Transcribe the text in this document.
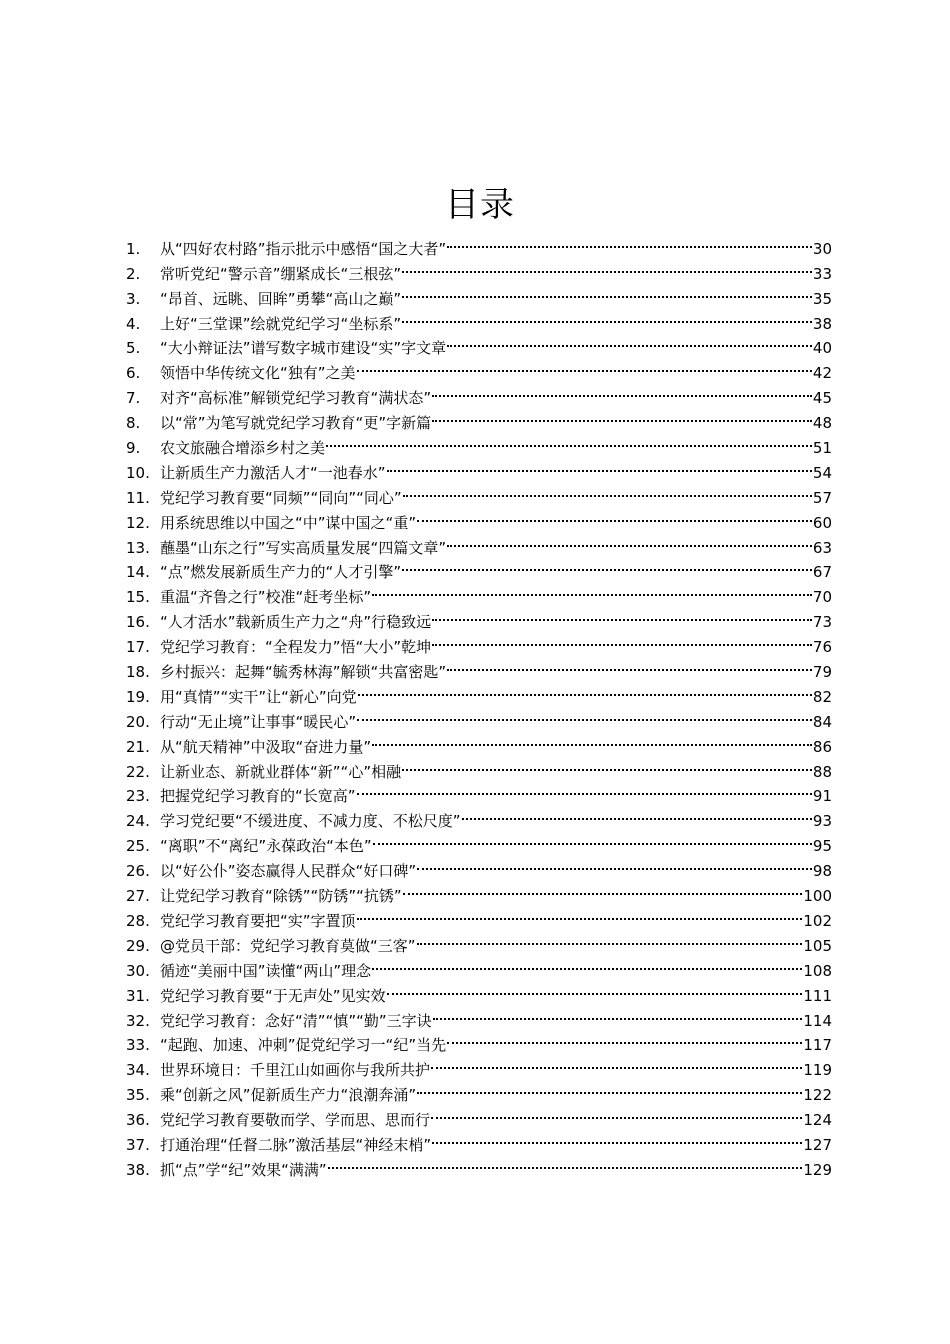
目录
1.	从“四好农村路”指示批示中感悟“国之大者”	30
2.	常听党纪“警示音”绷紧成长“三根弦”	33
3.	“昂首、远眺、回眸”勇攀“高山之巅”	35
4.	上好“三堂课”绘就党纪学习“坐标系”	38
5.	“大小辩证法”谱写数字城市建设“实”字文章	40
6.	领悟中华传统文化“独有”之美	42
7.	对齐“高标准”解锁党纪学习教育“满状态”	45
8.	以“常”为笔写就党纪学习教育“更”字新篇	48
9.	农文旅融合增添乡村之美	51
10. 让新质生产力激活人才“一池春水”	54
11. 党纪学习教育要“同频”“同向”“同心”	57
12. 用系统思维以中国之“中”谋中国之“重”	60
13. 蘸墨“山东之行”写实高质量发展“四篇文章”	63
14. “点”燃发展新质生产力的“人才引擎”	67
15. 重温“齐鲁之行”校准“赶考坐标”	70
16. “人才活水”载新质生产力之“舟”行稳致远	73
17. 党纪学习教育：“全程发力”悟“大小”乾坤	76
18. 乡村振兴：起舞“毓秀林海”解锁“共富密匙”	79
19. 用“真情”“实干”让“新心”向党	82
20. 行动“无止境”让事事“暖民心”	84
21. 从“航天精神”中汲取“奋进力量”	86
22. 让新业态、新就业群体“新”“心”相融	88
23. 把握党纪学习教育的“长宽高”	91
24. 学习党纪要“不缓进度、不减力度、不松尺度”	93
25. “离职”不“离纪”永葆政治“本色”	95
26. 以“好公仆”姿态赢得人民群众“好口碑”	98
27. 让党纪学习教育“除锈”“防锈”“抗锈”	100
28. 党纪学习教育要把“实”字置顶	102
29. @党员干部：党纪学习教育莫做“三客”	105
30. 循迹“美丽中国”读懂“两山”理念	108
31. 党纪学习教育要“于无声处”见实效	111
32. 党纪学习教育：念好“清”“慎”“勤”三字诀	114
33. “起跑、加速、冲刺”促党纪学习一“纪”当先	117
34. 世界环境日：千里江山如画你与我所共护	119
35. 乘“创新之风”促新质生产力“浪潮奔涌”	122
36. 党纪学习教育要敬而学、学而思、思而行	124
37. 打通治理“任督二脉”激活基层“神经末梢”	127
38. 抓“点”学“纪”效果“满满”	129
